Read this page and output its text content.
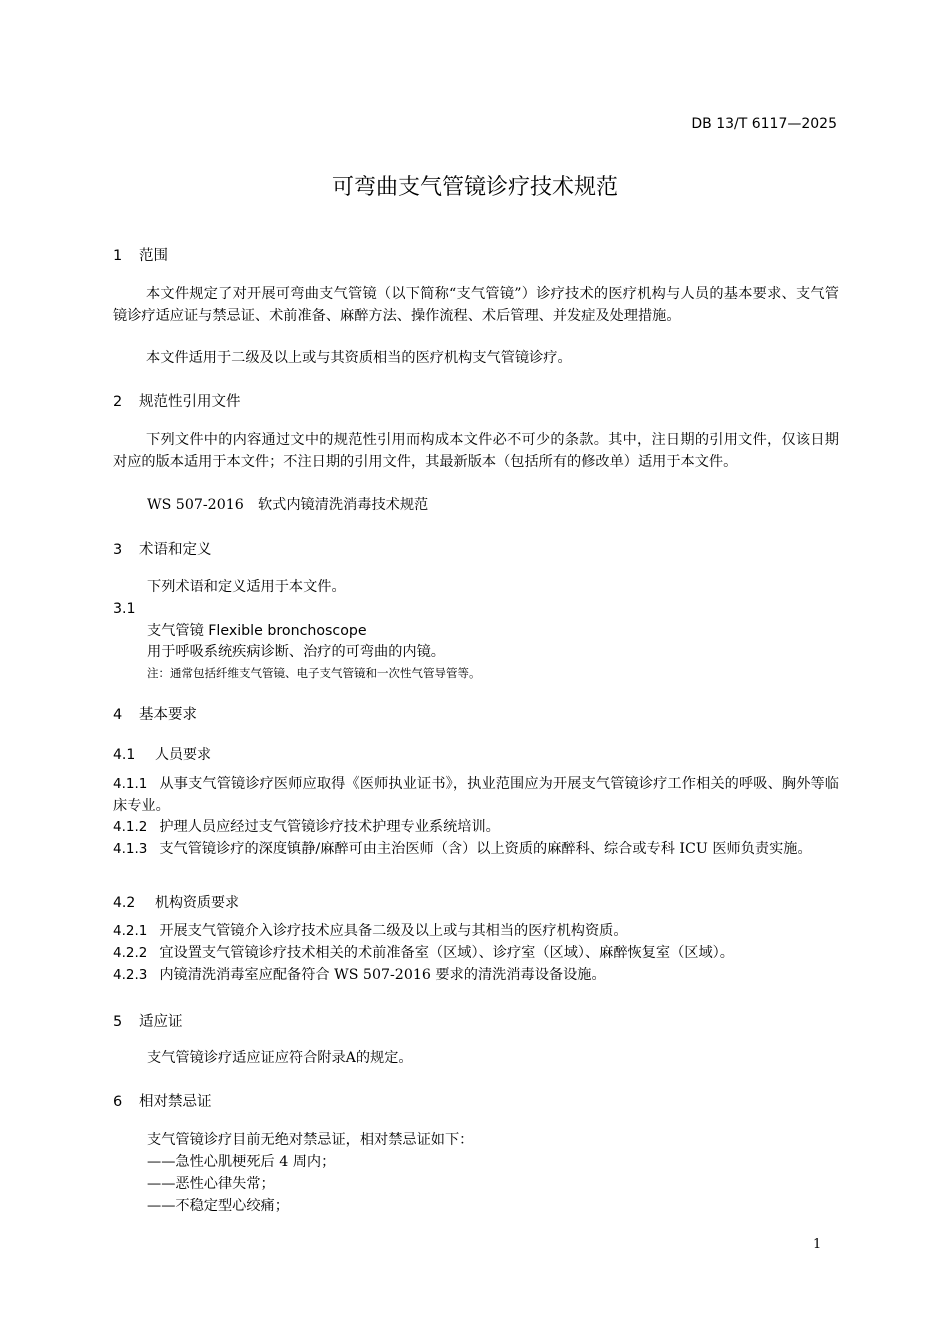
DB 13/T 6117—2025
可弯曲支气管镜诊疗技术规范
1 范围
本文件规定了对开展可弯曲支气管镜（以下简称“支气管镜”）诊疗技术的医疗机构与人员的基本要求、支气管镜诊疗适应证与禁忌证、术前准备、麻醉方法、操作流程、术后管理、并发症及处理措施。
本文件适用于二级及以上或与其资质相当的医疗机构支气管镜诊疗。
2 规范性引用文件
下列文件中的内容通过文中的规范性引用而构成本文件必不可少的条款。其中，注日期的引用文件，仅该日期对应的版本适用于本文件；不注日期的引用文件，其最新版本（包括所有的修改单）适用于本文件。
WS 507-2016　软式内镜清洗消毒技术规范
3 术语和定义
下列术语和定义适用于本文件。
3.1
支气管镜 Flexible bronchoscope
用于呼吸系统疾病诊断、治疗的可弯曲的内镜。
注：通常包括纤维支气管镜、电子支气管镜和一次性气管导管等。
4 基本要求
4.1 人员要求
4.1.1 从事支气管镜诊疗医师应取得《医师执业证书》，执业范围应为开展支气管镜诊疗工作相关的呼吸、胸外等临床专业。
4.1.2 护理人员应经过支气管镜诊疗技术护理专业系统培训。
4.1.3 支气管镜诊疗的深度镇静/麻醉可由主治医师（含）以上资质的麻醉科、综合或专科 ICU 医师负责实施。
4.2 机构资质要求
4.2.1 开展支气管镜介入诊疗技术应具备二级及以上或与其相当的医疗机构资质。
4.2.2 宜设置支气管镜诊疗技术相关的术前准备室（区域）、诊疗室（区域）、麻醉恢复室（区域）。
4.2.3 内镜清洗消毒室应配备符合 WS 507-2016 要求的清洗消毒设备设施。
5 适应证
支气管镜诊疗适应证应符合附录A的规定。
6 相对禁忌证
支气管镜诊疗目前无绝对禁忌证，相对禁忌证如下：
——急性心肌梗死后 4 周内；
——恶性心律失常；
——不稳定型心绞痛；
1
